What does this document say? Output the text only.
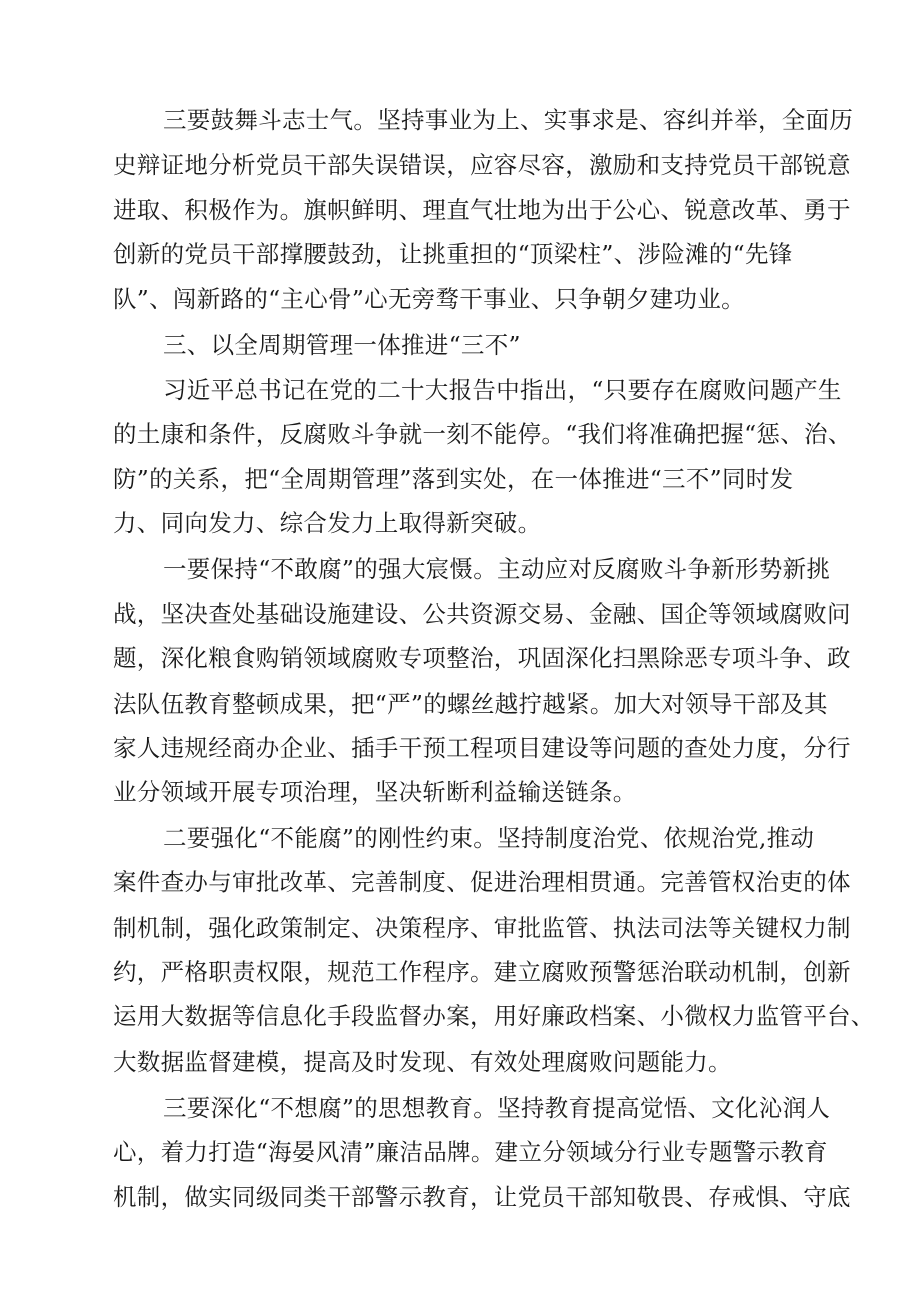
三要鼓舞斗志士气。坚持事业为上、实事求是、容纠并举，全面历
史辩证地分析党员干部失误错误，应容尽容，激励和支持党员干部锐意
进取、积极作为。旗帜鲜明、理直气壮地为出于公心、锐意改革、勇于
创新的党员干部撑腰鼓劲，让挑重担的“顶梁柱”、涉险滩的“先锋
队”、闯新路的“主心骨”心无旁骛干事业、只争朝夕建功业。
三、以全周期管理一体推进“三不”
习近平总书记在党的二十大报告中指出，“只要存在腐败问题产生
的土康和条件，反腐败斗争就一刻不能停。“我们将准确把握“惩、治、
防”的关系，把“全周期管理”落到实处，在一体推进“三不”同时发
力、同向发力、综合发力上取得新突破。
一要保持“不敢腐”的强大宸慑。主动应对反腐败斗争新形势新挑
战，坚决查处基础设施建设、公共资源交易、金融、国企等领域腐败问
题，深化粮食购销领域腐败专项整治，巩固深化扫黑除恶专项斗争、政
法队伍教育整顿成果，把“严”的螺丝越拧越紧。加大对领导干部及其
家人违规经商办企业、插手干预工程项目建设等问题的查处力度，分行
业分领域开展专项治理，坚决斩断利益输送链条。
二要强化“不能腐”的刚性约束。坚持制度治党、依规治党,推动
案件查办与审批改革、完善制度、促进治理相贯通。完善管权治吏的体
制机制，强化政策制定、决策程序、审批监管、执法司法等关键权力制
约，严格职责权限，规范工作程序。建立腐败预警惩治联动机制，创新
运用大数据等信息化手段监督办案，用好廉政档案、小微权力监管平台、
大数据监督建模，提高及时发现、有效处理腐败问题能力。
三要深化“不想腐”的思想教育。坚持教育提高觉悟、文化沁润人
心，着力打造“海晏风清”廉洁品牌。建立分领域分行业专题警示教育
机制，做实同级同类干部警示教育，让党员干部知敬畏、存戒惧、守底
